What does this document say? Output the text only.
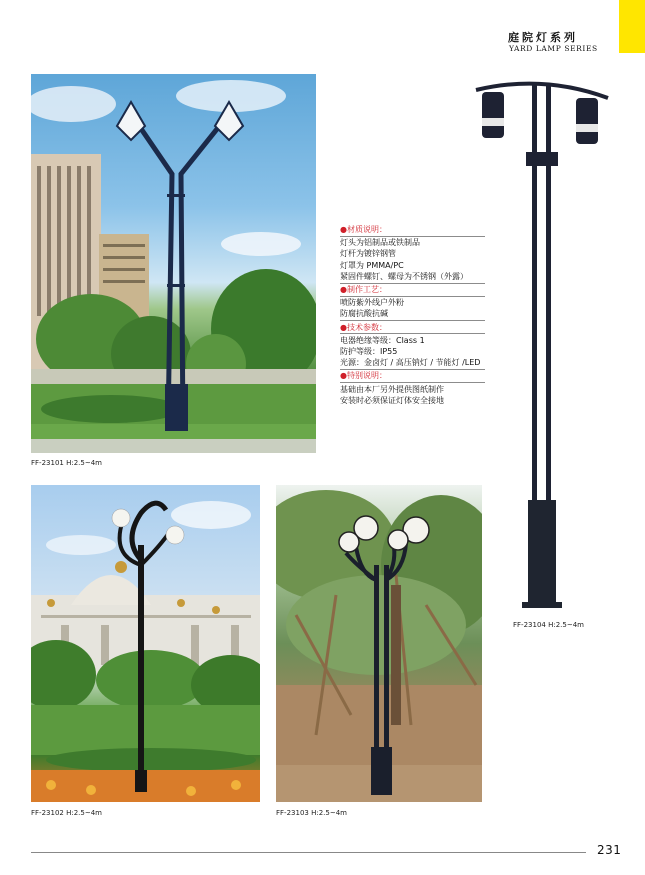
庭院灯系列
YARD LAMP SERIES
FF-23101 H:2.5~4m
FF-23102 H:2.5~4m	FF-23103 H:2.5~4m
●材质说明：
灯头为铝制品或铁制品
灯杆为镀锌钢管
灯罩为 PMMA/PC
紧固件螺钉、螺母为不锈钢（外露）
●制作工艺：
喷防紫外线户外粉
防腐抗酸抗碱
●技术参数：
电器绝缘等级：Class 1
防护等级：IP55
光源：金卤灯 / 高压钠灯 / 节能灯 /LED
●特别说明：
基础由本厂另外提供图纸制作
安装时必须保证灯体安全接地
FF-23104 H:2.5~4m
231
